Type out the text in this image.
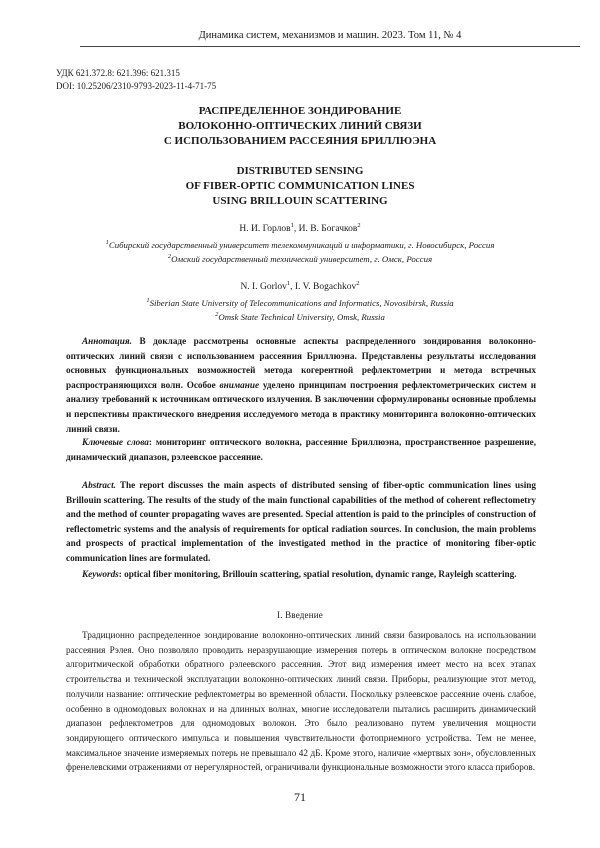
Динамика систем, механизмов и машин. 2023. Том 11, № 4
УДК 621.372.8: 621.396: 621.315
DOI: 10.25206/2310-9793-2023-11-4-71-75
РАСПРЕДЕЛЕННОЕ ЗОНДИРОВАНИЕ
ВОЛОКОННО-ОПТИЧЕСКИХ ЛИНИЙ СВЯЗИ
С ИСПОЛЬЗОВАНИЕМ РАССЕЯНИЯ БРИЛЛЮЭНА
DISTRIBUTED SENSING
OF FIBER-OPTIC COMMUNICATION LINES
USING BRILLOUIN SCATTERING
Н. И. Горлов$^1$, И. В. Богачков$^2$
$^1$Сибирский государственный университет телекоммуникаций и информатики, г. Новосибирск, Россия
$^2$Омский государственный технический университет, г. Омск, Россия
N. I. Gorlov$^1$, I. V. Bogachkov$^2$
$^1$Siberian State University of Telecommunications and Informatics, Novosibirsk, Russia
$^2$Omsk State Technical University, Omsk, Russia
Аннотация. В докладе рассмотрены основные аспекты распределенного зондирования волоконно-оптических линий связи с использованием рассеяния Бриллюэна. Представлены результаты исследования основных функциональных возможностей метода когерентной рефлектометрии и метода встречных распространяющихся волн. Особое внимание уделено принципам построения рефлектометрических систем и анализу требований к источникам оптического излучения. В заключении сформулированы основные проблемы и перспективы практического внедрения исследуемого метода в практику мониторинга волоконно-оптических линий связи.
Ключевые слова: мониторинг оптического волокна, рассеяние Бриллюэна, пространственное разрешение, динамический диапазон, рэлеевское рассеяние.
Abstract. The report discusses the main aspects of distributed sensing of fiber-optic communication lines using Brillouin scattering. The results of the study of the main functional capabilities of the method of coherent reflectometry and the method of counter propagating waves are presented. Special attention is paid to the principles of construction of reflectometric systems and the analysis of requirements for optical radiation sources. In conclusion, the main problems and prospects of practical implementation of the investigated method in the practice of monitoring fiber-optic communication lines are formulated.
Keywords: optical fiber monitoring, Brillouin scattering, spatial resolution, dynamic range, Rayleigh scattering.
I. Введение
Традиционно распределенное зондирование волоконно-оптических линий связи базировалось на использовании рассеяния Рэлея. Оно позволяло проводить неразрушающие измерения потерь в оптическом волокне посредством алгоритмической обработки обратного рэлеевского рассеяния. Этот вид измерения имеет место на всех этапах строительства и технической эксплуатации волоконно-оптических линий связи. Приборы, реализующие этот метод, получили название: оптические рефлектометры во временной области. Поскольку рэлеевское рассеяние очень слабое, особенно в одномодовых волокнах и на длинных волнах, многие исследователи пытались расширить динамический диапазон рефлектометров для одномодовых волокон. Это было реализовано путем увеличения мощности зондирующего оптического импульса и повышения чувствительности фотоприемного устройства. Тем не менее, максимальное значение измеряемых потерь не превышало 42 дБ. Кроме этого, наличие «мертвых зон», обусловленных френелевскими отражениями от нерегулярностей, ограничивали функциональные возможности этого класса приборов.
71
